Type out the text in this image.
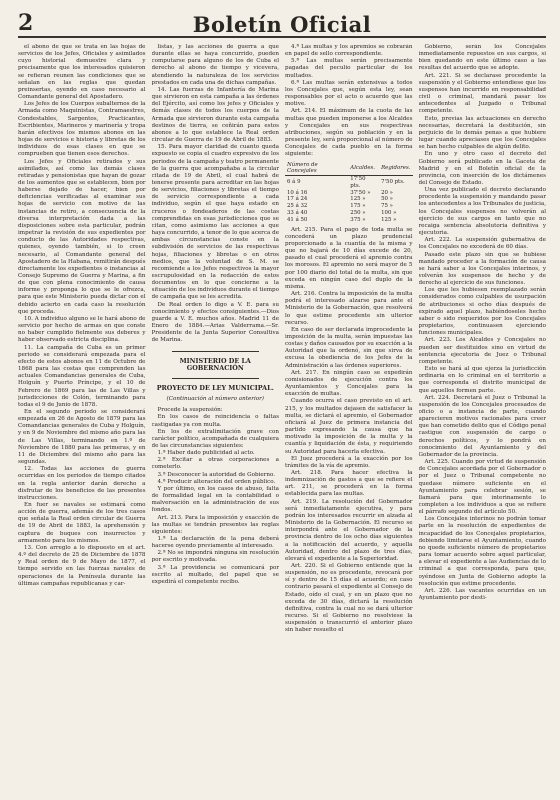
2	Boletín Oficial

el abono de que se trata en las hojas de servicios de los Jefes, Oficiales y asimilados cuyo historial demuestre clara y precisamente que los interesados quisieron se refieran reunen las condiciones que se señalan en las reglas que quedan preinsertas, oyendo en caso necesario al Comandante general del Apostadero.

Los Jefes de los Cuerpos subalternos de la Armada como Maquinistas, Contramaestres, Condestables, Sargentos, Practicantes, Escribientes, Marineros y marinería y tropa harán efectivos los mismos abonos en las hojas de servicios e historia y libretas de los individuos de esas clases en que se comprueben que tienen esos derechos.

Los Jefes y Oficiales retirados y sus asimilados, así como las demás clases retiradas y pensionistas que hayan de gozar de los aumentos que se establecen, bien por haberse dejado de hacer, bien por deficiencias verificadas al examinar sus hojas de servicio con motivo de las instancias de retiro, a consecuencia de la diversa interpretación dada a las disposiciones sobre esta particular, podrán impetrar la revisión de sus expedientes por conducto de las Autoridades respectivas, quienes, oyendo también, si lo creen necesario, al Comandante general del Apostadero de la Habana, remitirán después directamente los expedientes o instancias al Consejo Supremo de Guerra y Marina, a fin de que con plena conocimiento de causa informe y proponga lo que se le ofrezca, para que este Ministerio pueda dictar con el debido acierto en cada caso la resolución que proceda.

10. A individuo alguno se le hará abono de servicio por hecho de armas en que conste no haber cumplido fielmente sus deberes y haber observado estricta disciplina.

11. La campaña de Cuba es un primer periodo se considerará empezada para el efecto de estos abonos en 11 de Octubre de 1868 para las costas que comprenden las actuales Comandancias generales de Cuba, Holguín y Puerto Príncipe, y el 10 de Febrero de 1869 para las de Las Villas y jurisdicciones de Colón, terminando para todas el 9 de Junio de 1878.

En el segundo periodo se considerará empezada en 26 de Agosto de 1879 para las Comandancias generales de Cuba y Holguín, y en 9 de Noviembre del mismo año para las de Las Villas, terminando en 1.º de Noviembre de 1880 para las primeras, y en 11 de Diciembre del mismo año para las segundas.

12. Todas las acciones de guerra ocurridas en los periodos de tiempo citados en la regla anterior darán derecho a disfrutar de los beneficios de las presentes instrucciones.

En fuer se navales se estimará como acción de guerra, además de los tres casos que señala la Real orden circular de Guerra de 19 de Abril de 1883, la aprehensión y captura de buques con insurrectos y armamento para los mismos.

13. Con arreglo a lo dispuesto en el art. 4.º del decreto de 25 de Diciembre de 1878 y Real orden de 9 de Mayo de 1877, el tiempo servido en las fuerzas navales de operaciones de la Península durante las últimas campañas republicanas y car-

listas, y las acciones de guerra a que durante ellas se haya concurrido, pueden computarse para alguno de los de Cuba el derecho al abono de tiempo y vicevera, atendiendo la naturaleza de los servicios prestados en cada una de dichas campañas.

14. Las fuerzas de Infantería de Marina que sirvieron en esta campaña a las órdenes del Ejército, así como los jefes y Oficiales y demás clases de todos los cuerpos de la Armada que sirvieron durante esta campaña destinos de tierra, se ceñirán para estos abonos a lo que establece la Real orden circular de Guerra de 19 de Abril de 1883.

15. Para mayor claridad de cuanto queda expuesto se copia el cuadro expresivo de los periodos de la campaña y teatro permanente de la guerra que acompañaba a la circular citada de 19 de Abril, el cual habrá de tenerse presente para acreditar en las hojas de servicios, filiaciones y libretas el tiempo de servicio correspondiente a cada individuo, según el que haya estado en cruceros o fondeaderos de las costas comprendidas en esas jurisdicciones que se citan, como asimismo las acciones a que haya concurrido, a tenor de lo que acerca de ambas circunstancias conste en la subdivisión de servicios de las respectivas hojas, filiaciones y libretas o en otros medios, que la voluntad de S. M. se recomiende a los Jefes respectivos la mayor escrupulosidad en la redacción de estos documentos en lo que concierne a la situación de los individuos durante el tiempo de campaña que se les acredita.

De Real orden lo digo a V. E. para su conocimiento y efectos consiguientes.—Dios guarde a V. E. muchos años. Madrid 11 de Enero de 1884.—Arias Valderrama.—Sr. Presidente de la Junta Superior Consultiva de Marina.

MINISTERIO DE LA GOBERNACIÓN

PROYECTO DE LEY MUNICIPAL.

(Continuación al número anterior)

Procede la suspensión:

En los casos de reincidencia o faltas castigadas ya con multa.

En los de extralimitación grave con carácter político, acompañada de cualquiera de las circunstancias siguientes:

1.ª Haber dado publicidad al acto.

2.ª Excitar a otras corporaciones a cometerlo.

3.ª Desconocer la autoridad de Gobierno.

4.ª Producir alteración del orden público.

Y por último, en los casos de abuso, falta de formalidad legal en la contabilidad o malversación en la administración de sus fondos.

Art. 213. Para la imposición y exacción de las multas se tendrán presentes las reglas siguientes:

1.ª La declaración de la pena deberá hacerse oyendo previamente al interesado.

2.ª No se impondrá ninguna sin resolución por escrito y motivada.

3.ª La providencia se comunicará por escrito al multado, del papel que se expedirá el competente recibo.

4.ª Las multas y los apremios se cobrarán en papel de sello correspondiente.

5.ª Las multas serán precisamente pagadas del peculio particular de los multados.

6.ª Las multas serán extensivas a todos los Concejales que, según esta ley, sean responsables por el acto o acuerdo que las motive.

Art. 214. El máximum de la cuota de las multas que pueden imponerse a los Alcaldes y Concejales en sus respectivas atribuciones, según su población y en la presente ley, será proporcional al número de Concejales de cada pueblo en la forma siguiente:

Número de Concejales	Alcaldes.	Regidores.
6 á 9	17'50 pts.	7'50 pts.
10 á 16	37'50 »	20 »
17 á 24	125 »	50 »
25 á 32	175 »	75 »
33 á 40	250 »	100 »
41 á 50	375 »	125 »

Art. 215. Para el pago de toda multa se concederá un plazo prudencial proporcionado a la cuantía de la misma y que no bajará de 10 días excede de 20, pasado el cual procederá el apremio contra los morosos. El apremio no será mayor de 5 por 100 diario del total de la multa, sin que exceda en ningún caso del duplo de la misma.

Art. 216. Contra la imposición de la multa podrá el interesado alzarse para ante el Ministerio de la Gobernación, que resolverá lo que estime procedente sin ulterior recurso.

En caso de ser declarada improcedente la imposición de la multa, serán impuestas las costas y daños causados por su exacción a la Autoridad que la ordenó, sin que sirva de excusa la obediencia de los Jefes de la Administración a las órdenes superiores.

Art. 217. En ningún caso se expedirán comisionados de ejecución contra los Ayuntamientos y Concejales para la exacción de multas.

Cuando ocurra el caso previsto en el art. 215, y los multados dejasen de satisfacer la multa, se dictará el apremio, el Gobernador oficiará al Juez de primera instancia del partido expresando la causa que ha motivado la imposición de la multa y la cuantía y liquidación de ésta, y requiriendo su Autoridad para hacerla efectiva.

El Juez procederá a la exacción por los trámites de la vía de apremio.

Art. 218. Para hacer efectiva la indemnización de gastos a que se refiere el art. 211, se procederá en la forma establecida para las multas.

Art. 219. La resolución del Gobernador será inmediatamente ejecutiva, y para podrán los interesados recurrir en alzada al Ministerio de la Gobernación. El recurso se interpondrá ante el Gobernador de la provincia dentro de los ocho días siguientes a la notificación del acuerdo, y aquella Autoridad, dentro del plazo de tres días, elevará el expediente a la Superioridad.

Art. 220. Si el Gobierno entiende que la suspensión, no es procedente, revocará por sí y dentro de 15 días el acuerdo; en caso contrario pasará el expediente al Consejo de Estado, oído el cual, y en un plazo que no exceda de 30 días, dictará la resolución definitiva, contra la cual no se dará ulterior recurso. Si el Gobierno no resolviese la suspensión o transcurrió el anterior plazo sin haber resuelto el

Gobierno, serán los Concejales inmediatamente repuestos en sus cargos, si bien quedando en este último caso a las resultas del acuerdo que se adopte.

Art. 221. Si se declarase procedente la suspensión y el Gobierno entendiese que los suspensos han incurrido en responsabilidad civil o criminal, mandará pasar los antecedentes al Juzgado o Tribunal competente.

Esto, previas las actuaciones en derecho necesarias, decretará la destitución, sin perjuicio de lo demás penas a que hubiere lugar cuando apreciases que los Concejales se han hecho culpables de algún delito.

En uno y otro caso el decreto del Gobierno será publicado en la Gaceta de Madrid y en el Boletín oficial de la provincia, con inserción de los dictámenes del Consejo de Estado.

Una vez publicado el decreto declarando procedente la suspensión y mandando pasar los antecedentes a los Tribunales de justicia, los Concejales suspensos no volverán al ejercicio de sus cargos en tanto que no recaiga sentencia absolutoria definitiva y ejecutoria.

Art. 222. La suspensión gubernativa de los Concejales no excederá de 60 días.

Pasado este plazo sin que se hubiese mandado proceder a la formación de causa se hará saber a los Concejales interinos, y volverán los suspensos de hecho y de derecho al ejercicio de sus funciones.

Los que les hubiesen reemplazado serán considerados como culpables de usurpación de atribuciones si ocho días después de expirado aquel plazo, habiéndoseles hecho saber o sido requeridos por los Concejales propietarios, continuasen ejerciendo funciones municipales.

Art. 223. Los Alcaldes y Concejales no pueden ser destituidos sino en virtud de sentencia ejecutoria de Juez o Tribunal competente.

Esto se hará al que ejerza la jurisdicción ordinaria en lo criminal en el territorio a que corresponda el distrito municipal de que aquellos formen parte.

Art. 224. Decretará el Juez o Tribunal la suspensión de los Concejales procesados de oficio o a instancia de parte, cuando aparecieren motivos racionales para creer que han cometido delito que el Código penal castigue con suspensión de cargo o derechos políticos, y lo pondrá en conocimiento del Ayuntamiento y del Gobernador de la provincia.

Art. 225. Cuando por virtud de suspensión de Concejales acordada por el Gobernador o por el Juez o Tribunal competente no quedase número suficiente en el Ayuntamiento para celebrar sesión, se llamará para que interinamente lo completen a los individuos a que se refiere el párrafo segundo del artículo 50.

Los Concejales interinos no podrán tomar parte en la resolución de expedientes de incapacidad de los Concejales propietarios, debiendo limitarse el Ayuntamiento, cuando no quede suficiente número de propietarios para tomar acuerdo sobre aquel particular, a elevar el expediente a las Audiencias de lo criminal a que corresponda, para que, oyéndose en Junta de Gobierno adopte la resolución que estime procedente.

Art. 226. Las vacantes ocurridas en un Ayuntamiento por desti-
